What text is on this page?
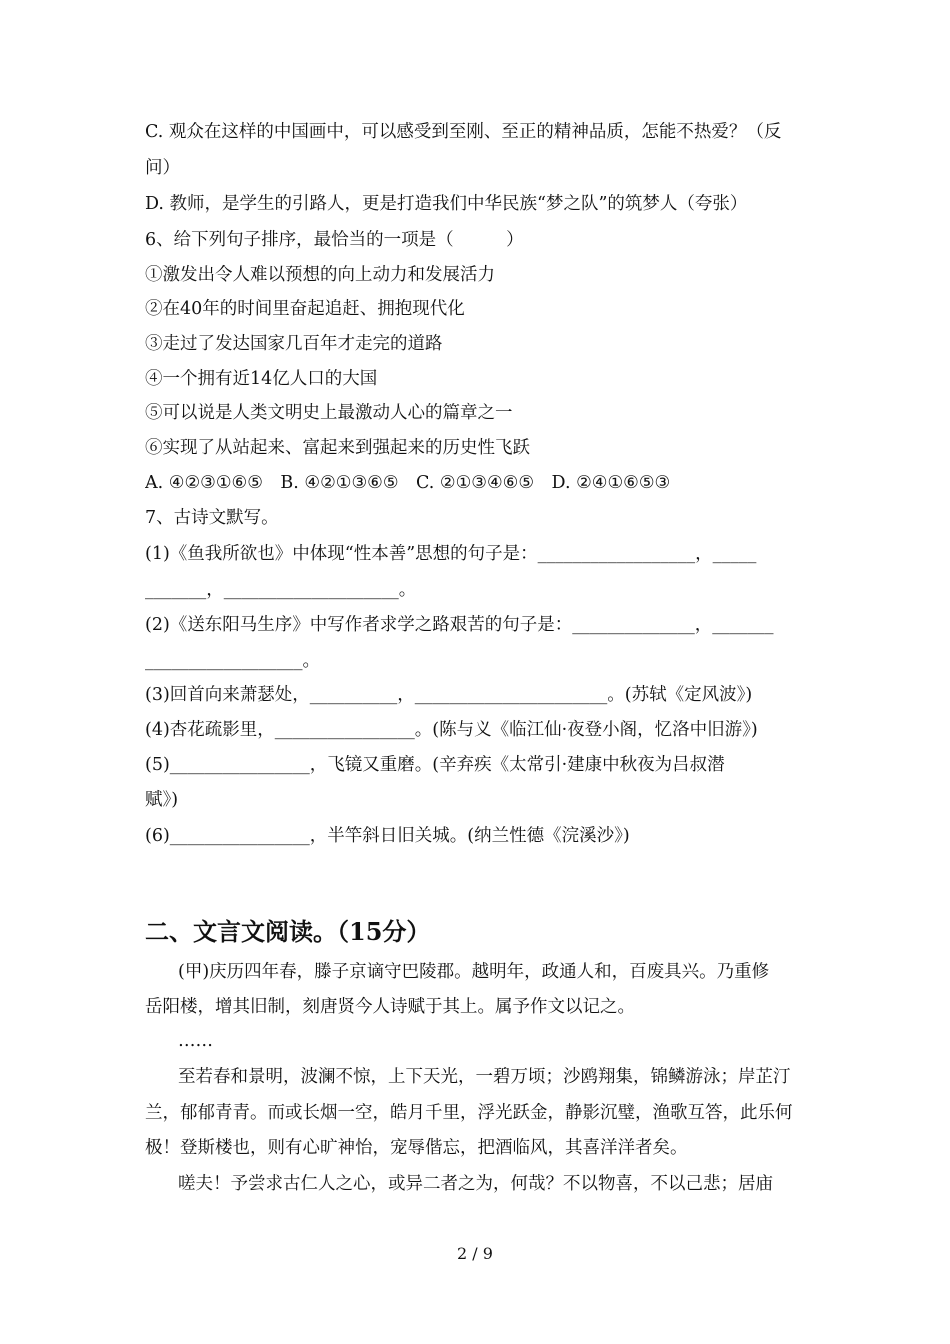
C. 观众在这样的中国画中，可以感受到至刚、至正的精神品质，怎能不热爱？（反
问）
D. 教师，是学生的引路人，更是打造我们中华民族“梦之队”的筑梦人（夸张）
6、给下列句子排序，最恰当的一项是（　　　）
①激发出令人难以预想的向上动力和发展活力
②在40年的时间里奋起追赶、拥抱现代化
③走过了发达国家几百年才走完的道路
④一个拥有近14亿人口的大国
⑤可以说是人类文明史上最激动人心的篇章之一
⑥实现了从站起来、富起来到强起来的历史性飞跃
A. ④②③①⑥⑤　B. ④②①③⑥⑤　C. ②①③④⑥⑤　D. ②④①⑥⑤③
7、古诗文默写。
(1)《鱼我所欲也》中体现“性本善”思想的句子是：__________________，_____
_______，____________________。
(2)《送东阳马生序》中写作者求学之路艰苦的句子是：______________，_______
__________________。
(3)回首向来萧瑟处，__________，______________________。(苏轼《定风波》)
(4)杏花疏影里，________________。(陈与义《临江仙·夜登小阁，忆洛中旧游》)
(5)________________，飞镜又重磨。(辛弃疾《太常引·建康中秋夜为吕叔潜
赋》)
(6)________________，半竿斜日旧关城。(纳兰性德《浣溪沙》)
二、文言文阅读。（15分）
(甲)庆历四年春，滕子京谪守巴陵郡。越明年，政通人和，百废具兴。乃重修
岳阳楼，增其旧制，刻唐贤今人诗赋于其上。属予作文以记之。
……
至若春和景明，波澜不惊，上下天光，一碧万顷；沙鸥翔集，锦鳞游泳；岸芷汀
兰，郁郁青青。而或长烟一空，皓月千里，浮光跃金，静影沉璧，渔歌互答，此乐何
极！登斯楼也，则有心旷神怡，宠辱偕忘，把酒临风，其喜洋洋者矣。
嗟夫！予尝求古仁人之心，或异二者之为，何哉？不以物喜，不以己悲；居庙
2 / 9
